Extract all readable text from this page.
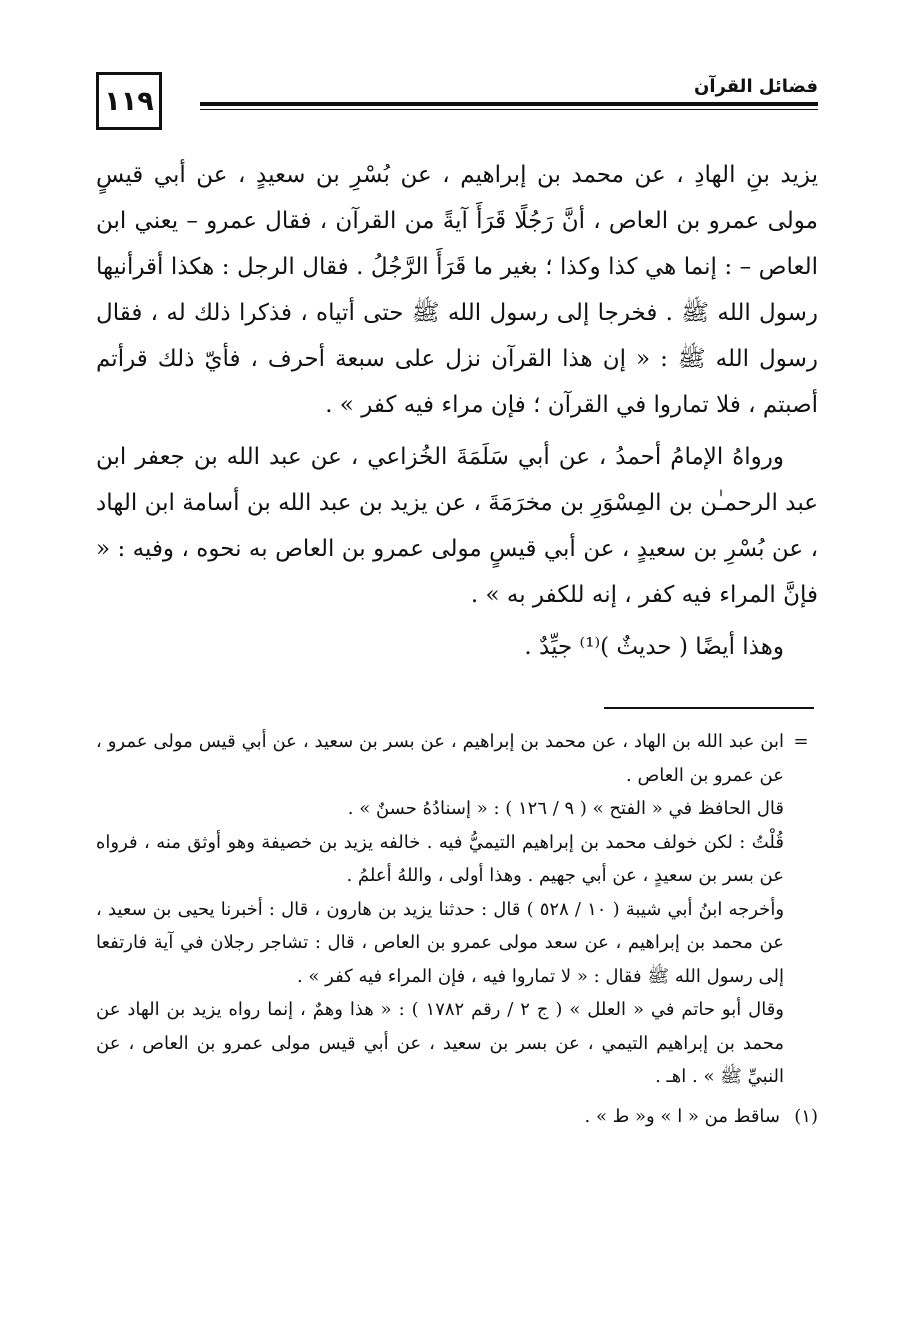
١١٩	فضائل القرآن

يزيد بنِ الهادِ ، عن محمد بن إبراهيم ، عن بُسْرِ بن سعيدٍ ، عن أبي قيسٍ مولى عمرو بن العاص ، أنَّ رَجُلًا قَرَأَ آيةً من القرآن ، فقال عمرو – يعني ابن العاص – : إنما هي كذا وكذا ؛ بغير ما قَرَأَ الرَّجُلُ . فقال الرجل : هكذا أقرأنيها رسول الله ﷺ . فخرجا إلى رسول الله ﷺ حتى أتياه ، فذكرا ذلك له ، فقال رسول الله ﷺ : « إن هذا القرآن نزل على سبعة أحرف ، فأيّ ذلك قرأتم أصبتم ، فلا تماروا في القرآن ؛ فإن مراء فيه كفر » .

ورواهُ الإمامُ أحمدُ ، عن أبي سَلَمَةَ الخُزاعي ، عن عبد الله بن جعفر ابن عبد الرحمـٰن بن المِسْوَرِ بن مخرَمَةَ ، عن يزيد بن عبد الله بن أسامة ابن الهاد ، عن بُسْرِ بن سعيدٍ ، عن أبي قيسٍ مولى عمرو بن العاص به نحوه ، وفيه : « فإنَّ المراء فيه كفر ، إنه للكفر به » .

وهذا أيضًا ( حديثٌ )⁽¹⁾ جيِّدٌ .

=ابن عبد الله بن الهاد ، عن محمد بن إبراهيم ، عن بسر بن سعيد ، عن أبي قيس مولى عمرو ، عن عمرو بن العاص .

قال الحافظ في « الفتح » ( ٩ / ١٢٦ ) : « إسنادُهُ حسنٌ » .

قُلْتُ : لكن خولف محمد بن إبراهيم التيميُّ فيه . خالفه يزيد بن خصيفة وهو أوثق منه ، فرواه عن بسر بن سعيدٍ ، عن أبي جهيم . وهذا أولى ، واللهُ أعلمُ .

وأخرجه ابنُ أبي شيبة ( ١٠ / ٥٢٨ ) قال : حدثنا يزيد بن هارون ، قال : أخبرنا يحيى بن سعيد ، عن محمد بن إبراهيم ، عن سعد مولى عمرو بن العاص ، قال : تشاجر رجلان في آية فارتفعا إلى رسول الله ﷺ فقال : « لا تماروا فيه ، فإن المراء فيه كفر » .

وقال أبو حاتم في « العلل » ( ج ٢ / رقم ١٧٨٢ ) : « هذا وهمٌ ، إنما رواه يزيد بن الهاد عن محمد بن إبراهيم التيمي ، عن بسر بن سعيد ، عن أبي قيس مولى عمرو بن العاص ، عن النبيِّ ﷺ » . اهـ .

(١)ساقط من « ا » و« ط » .
